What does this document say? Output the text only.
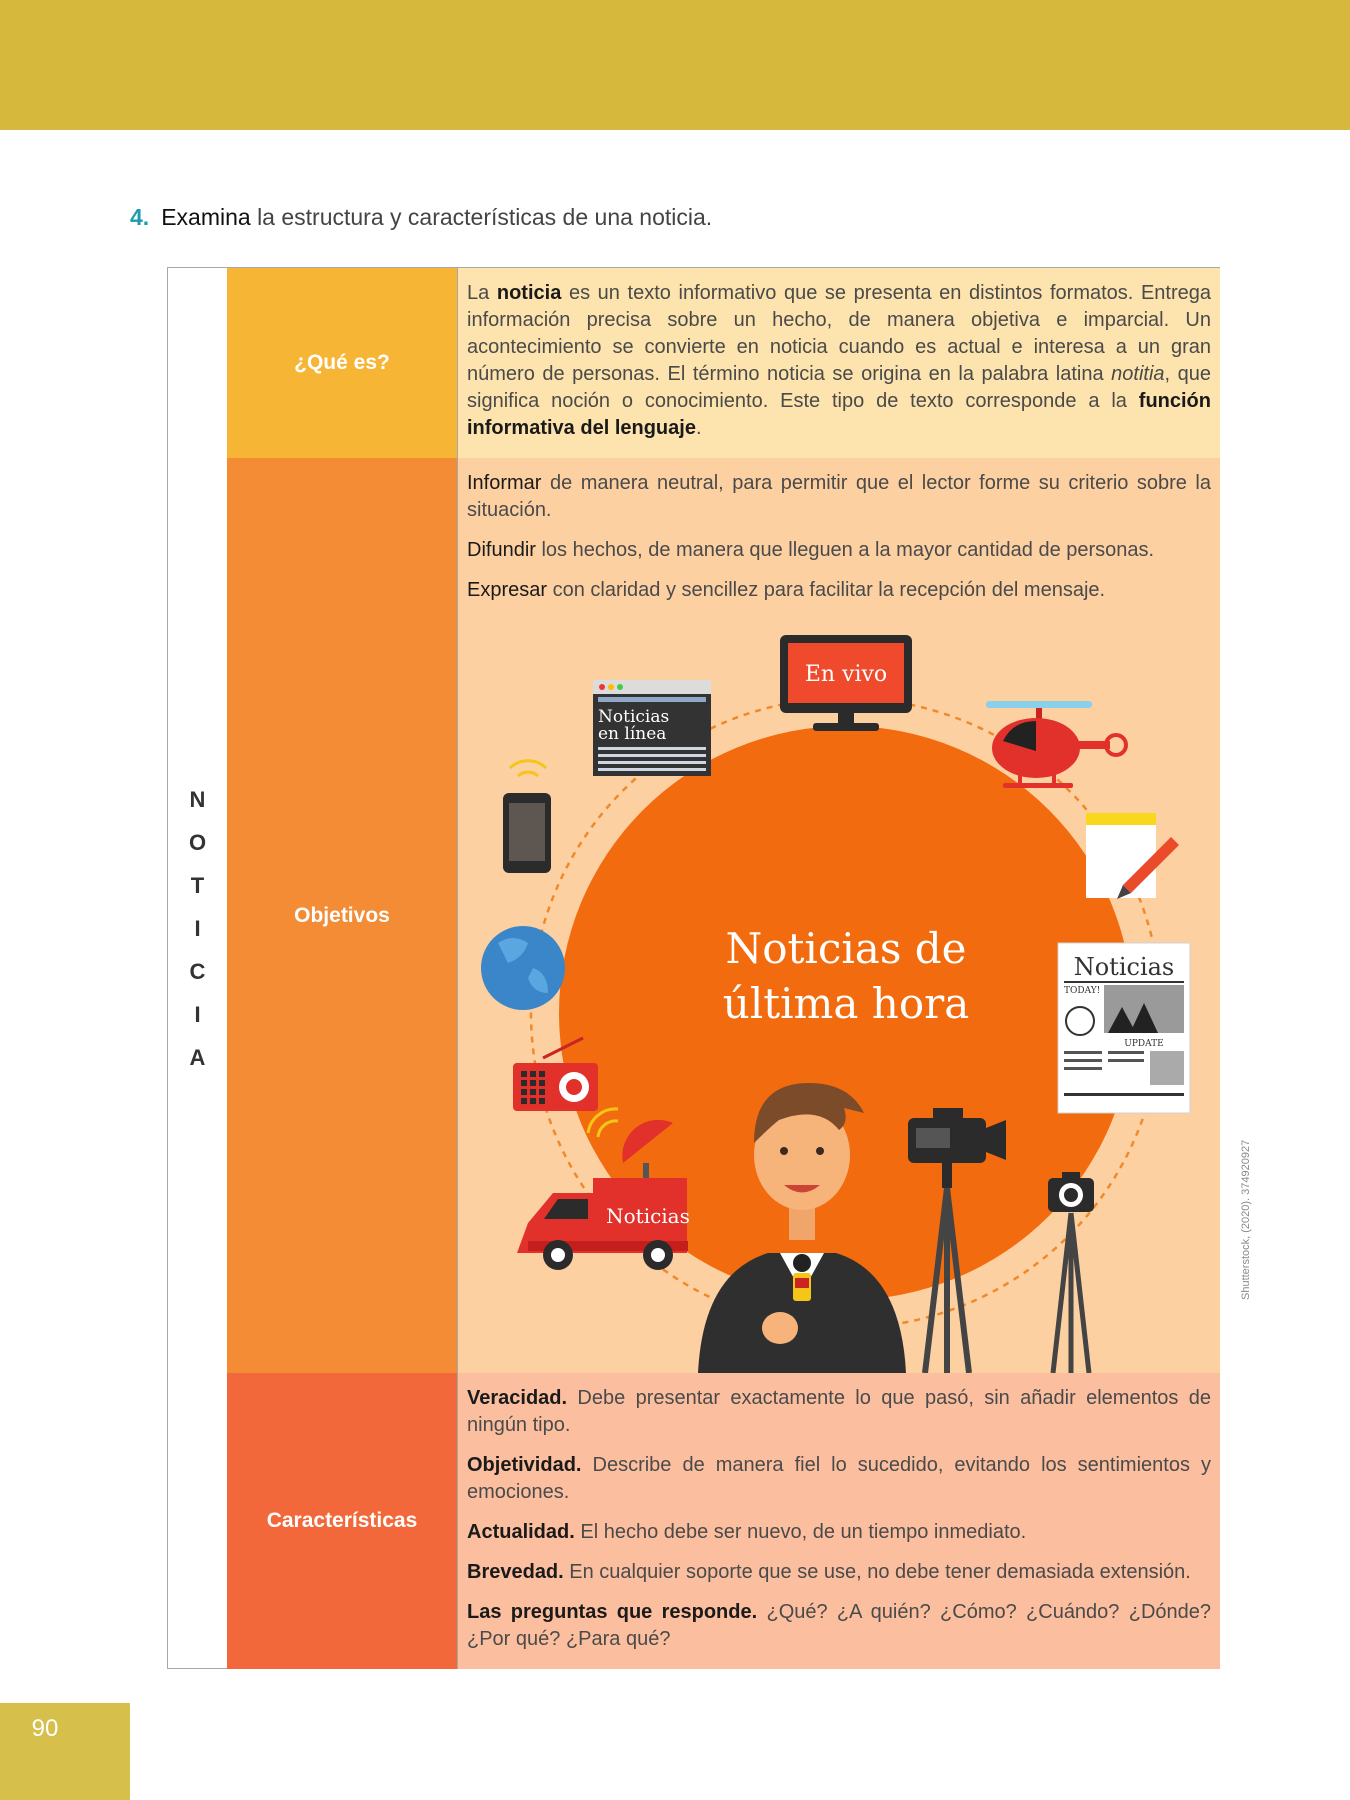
4. Examina la estructura y características de una noticia.
N
O
T
I
C
I
A
¿Qué es?

La noticia es un texto informativo que se presenta en distintos formatos. Entrega información precisa sobre un hecho, de manera objetiva e imparcial. Un acontecimiento se convierte en noticia cuando es actual e interesa a un gran número de personas. El término noticia se origina en la palabra latina notitia, que significa noción o conocimiento. Este tipo de texto corresponde a la función informativa del lenguaje.

Objetivos

Informar de manera neutral, para permitir que el lector forme su criterio sobre la situación.

Difundir los hechos, de manera que lleguen a la mayor cantidad de personas.

Expresar con claridad y sencillez para facilitar la recepción del mensaje.

Noticias de
última hora
En vivo
Noticias
en línea
Noticias
TODAY!
UPDATE
Noticias
Características

Veracidad. Debe presentar exactamente lo que pasó, sin añadir elementos de ningún tipo.

Objetividad. Describe de manera fiel lo sucedido, evitando los sentimientos y emociones.

Actualidad. El hecho debe ser nuevo, de un tiempo inmediato.

Brevedad. En cualquier soporte que se use, no debe tener demasiada extensión.

Las preguntas que responde. ¿Qué? ¿A quién? ¿Cómo? ¿Cuándo? ¿Dónde? ¿Por qué? ¿Para qué?

Shutterstock, (2020). 374920927
90
